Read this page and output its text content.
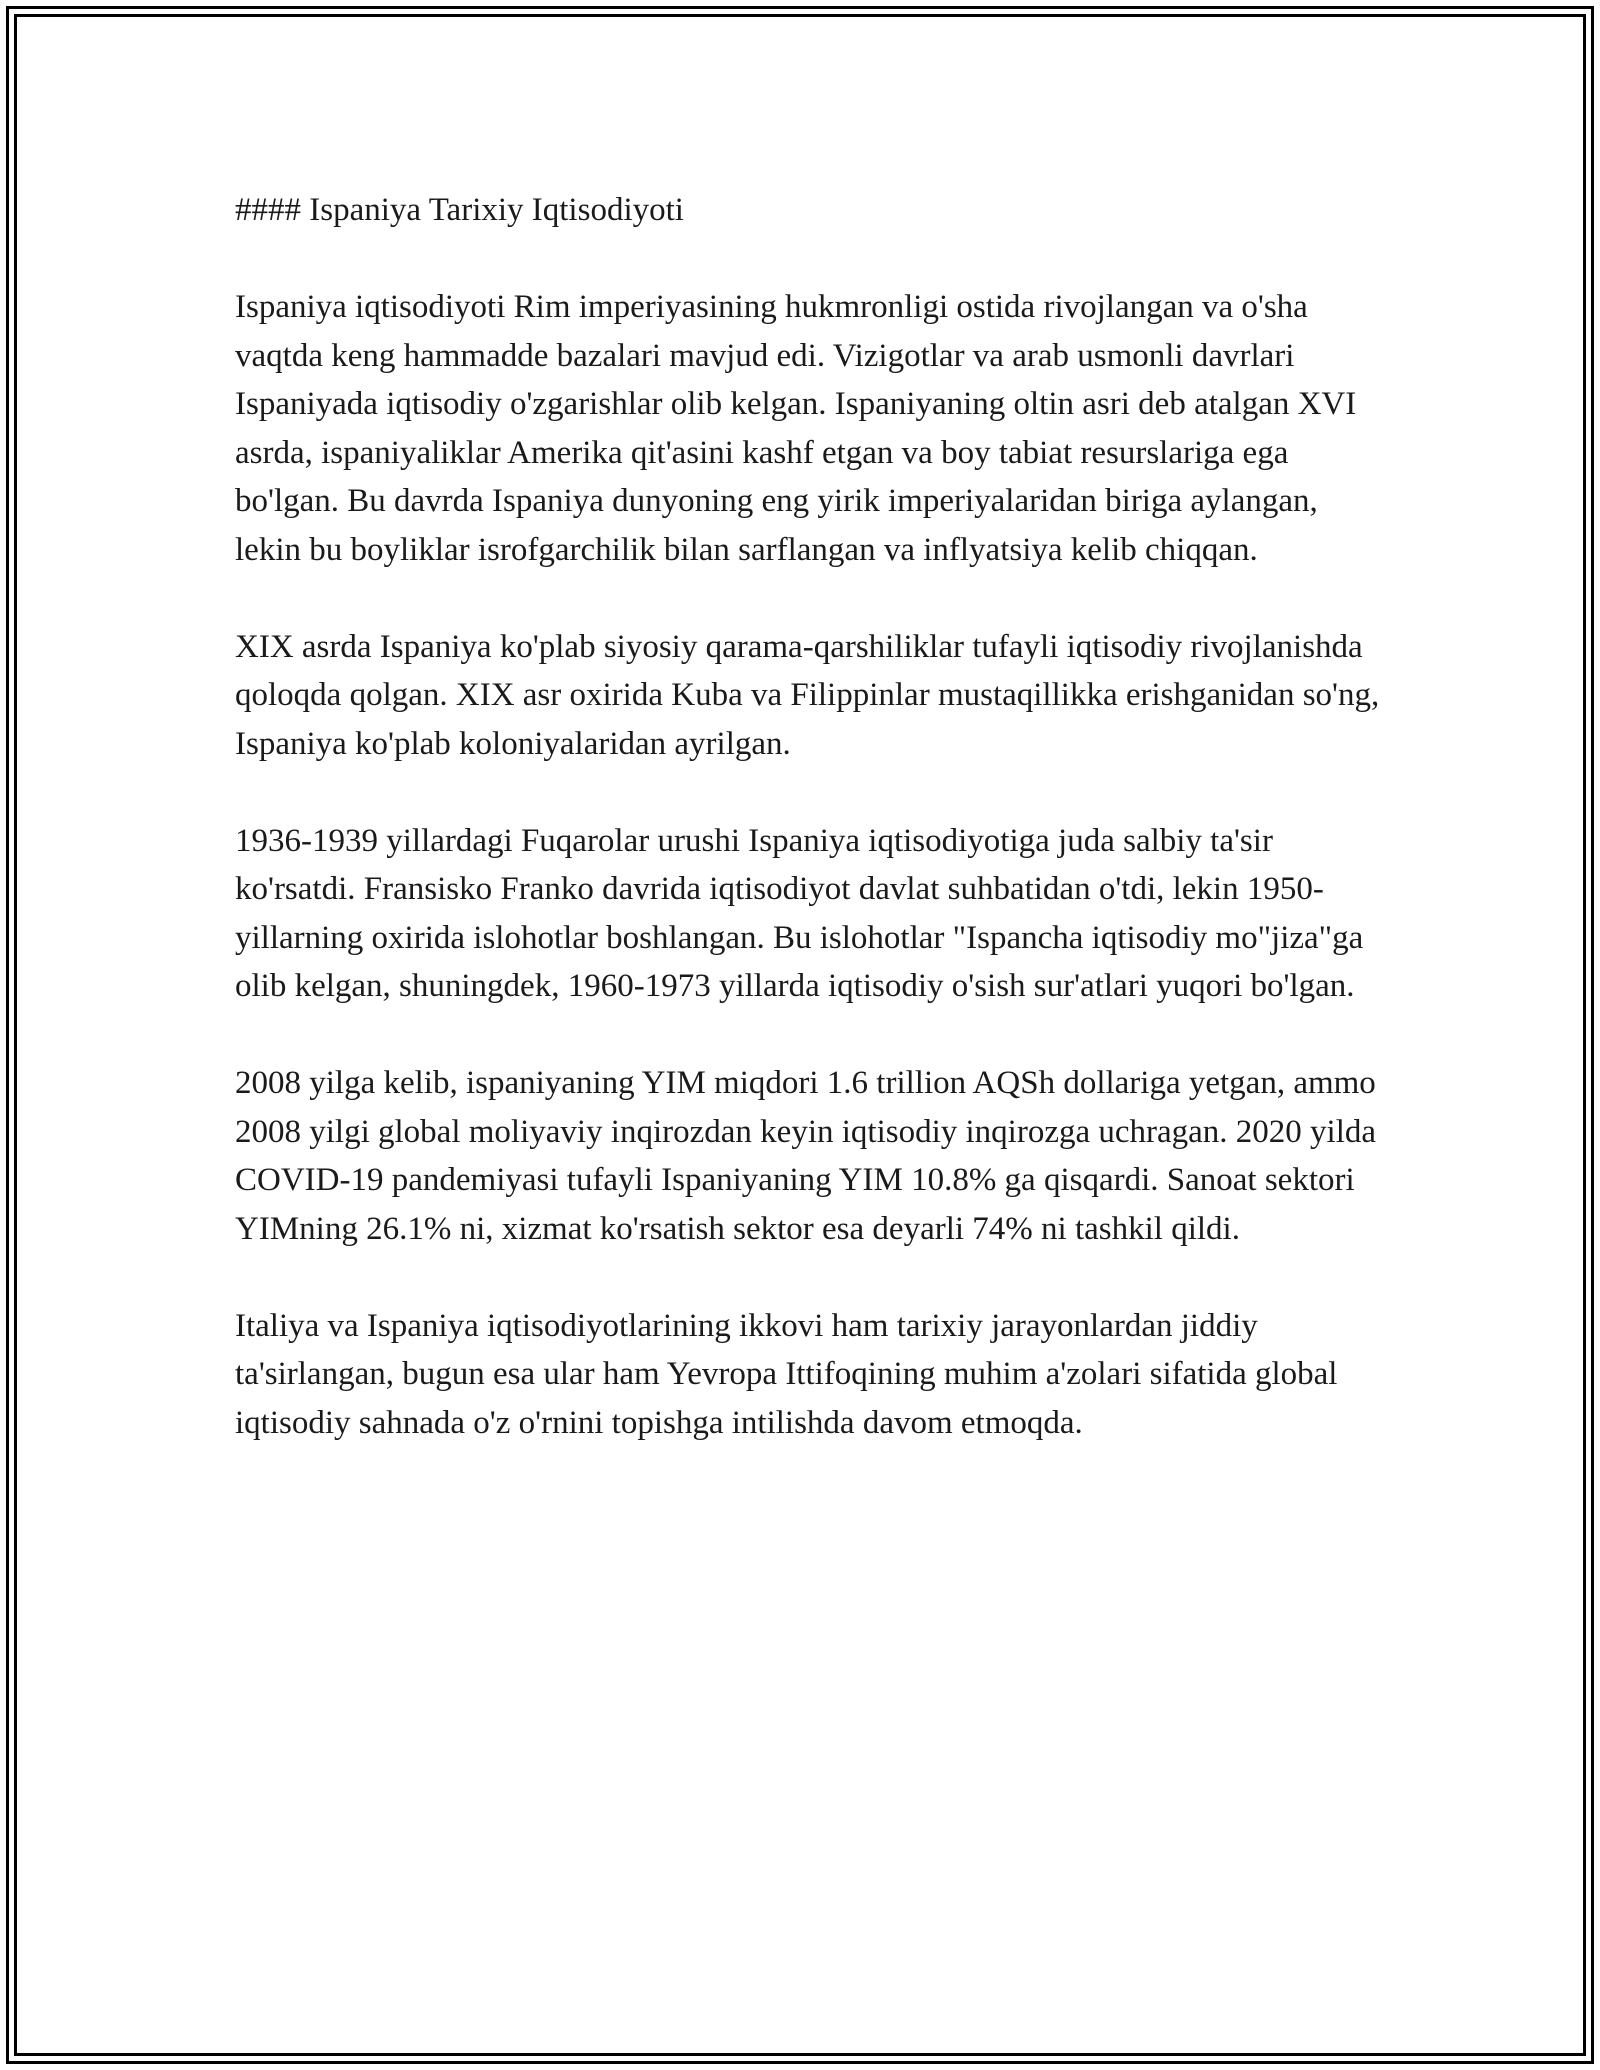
#### Ispaniya Tarixiy Iqtisodiyoti

Ispaniya iqtisodiyoti Rim imperiyasining hukmronligi ostida rivojlangan va o'sha vaqtda keng hammadde bazalari mavjud edi. Vizigotlar va arab usmonli davrlari Ispaniyada iqtisodiy o'zgarishlar olib kelgan. Ispaniyaning oltin asri deb atalgan XVI asrda, ispaniyaliklar Amerika qit'asini kashf etgan va boy tabiat resurslariga ega bo'lgan. Bu davrda Ispaniya dunyoning eng yirik imperiyalaridan biriga aylangan, lekin bu boyliklar isrofgarchilik bilan sarflangan va inflyatsiya kelib chiqqan.

XIX asrda Ispaniya ko'plab siyosiy qarama-qarshiliklar tufayli iqtisodiy rivojlanishda qoloqda qolgan. XIX asr oxirida Kuba va Filippinlar mustaqillikka erishganidan so'ng, Ispaniya ko'plab koloniyalaridan ayrilgan.

1936-1939 yillardagi Fuqarolar urushi Ispaniya iqtisodiyotiga juda salbiy ta'sir ko'rsatdi. Fransisko Franko davrida iqtisodiyot davlat suhbatidan o'tdi, lekin 1950-yillarning oxirida islohotlar boshlangan. Bu islohotlar "Ispancha iqtisodiy mo"jiza"ga olib kelgan, shuningdek, 1960-1973 yillarda iqtisodiy o'sish sur'atlari yuqori bo'lgan.

2008 yilga kelib, ispaniyaning YIM miqdori 1.6 trillion AQSh dollariga yetgan, ammo 2008 yilgi global moliyaviy inqirozdan keyin iqtisodiy inqirozga uchragan. 2020 yilda COVID-19 pandemiyasi tufayli Ispaniyaning YIM 10.8% ga qisqardi. Sanoat sektori YIMning 26.1% ni, xizmat ko'rsatish sektor esa deyarli 74% ni tashkil qildi.

Italiya va Ispaniya iqtisodiyotlarining ikkovi ham tarixiy jarayonlardan jiddiy ta'sirlangan, bugun esa ular ham Yevropa Ittifoqining muhim a'zolari sifatida global iqtisodiy sahnada o'z o'rnini topishga intilishda davom etmoqda.
